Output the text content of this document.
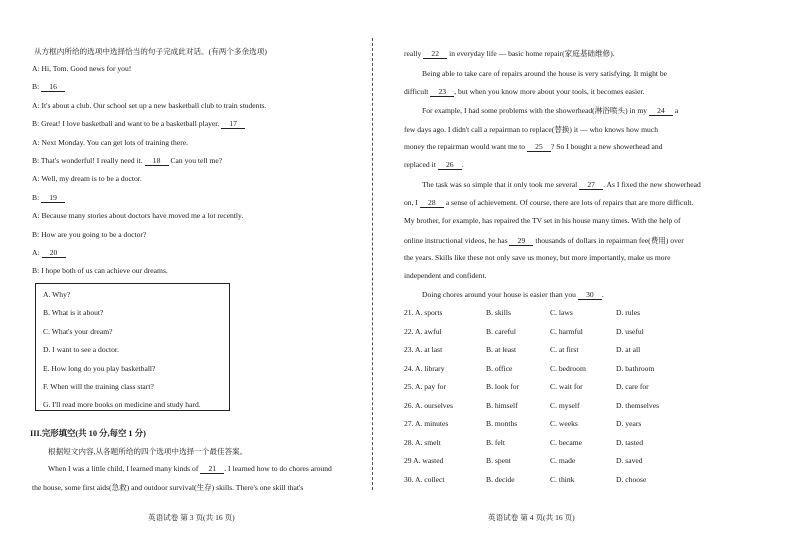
从方框内所给的选项中选择恰当的句子完成此对话。(有两个多余选项)
A: Hi, Tom. Good news for you!
B: 16
A: It's about a club. Our school set up a new basketball club to train students.
B: Great! I love basketball and want to be a basketball player. 17
A: Next Monday. You can get lots of training there.
B: That's wonderful! I really need it. 18 Can you tell me?
A: Well, my dream is to be a doctor.
B: 19
A: Because many stories about doctors have moved me a lot recently.
B: How are you going to be a doctor?
A: 20
B: I hope both of us can achieve our dreams.
III.完形填空(共 10 分,每空 1 分)
根据短文内容,从各题所给的四个选项中选择一个最佳答案。
When I was a little child, I learned many kinds of 21 . I learned how to do chores around
the house, some first aids(急救) and outdoor survival(生存) skills. There's one skill that's
A. Why?
B. What is it about?
C. What's your dream?
D. I want to see a doctor.
E. How long do you play basketball?
F. When will the training class start?
G. I'll read more books on medicine and study hard.
英语试卷 第 3 页(共 16 页)
really 22 in everyday life — basic home repair(家庭基础维修).
Being able to take care of repairs around the house is very satisfying. It might be
difficult 23 , but when you know more about your tools, it becomes easier.
For example, I had some problems with the showerhead(淋浴喷头) in my 24 a
few days ago. I didn't call a repairman to replace(替换) it — who knows how much
money the repairman would want me to 25 ? So I bought a new showerhead and
replaced it 26 .
The task was so simple that it only took me several 27 . As I fixed the new showerhead
on, I 28 a sense of achievement. Of course, there are lots of repairs that are more difficult.
My brother, for example, has repaired the TV set in his house many times. With the help of
online instructional videos, he has 29 thousands of dollars in repairman fee(费用) over
the years. Skills like these not only save us money, but more importantly, make us more
independent and confident.
Doing chores around your house is easier than you 30 .
21. A. sports	B. skills	C. laws	D. rules
22. A. awful	B. careful	C. harmful	D. useful
23. A. at last	B. at least	C. at first	D. at all
24. A. library	B. office	C. bedroom	D. bathroom
25. A. pay for	B. look for	C. wait for	D. care for
26. A. ourselves	B. himself	C. myself	D. themselves
27. A. minutes	B. months	C. weeks	D. years
28. A. smelt	B. felt	C. became	D. tasted
29 A. wasted	B. spent	C. made	D. saved
30. A. collect	B. decide	C. think	D. choose
英语试卷 第 4 页(共 16 页)
